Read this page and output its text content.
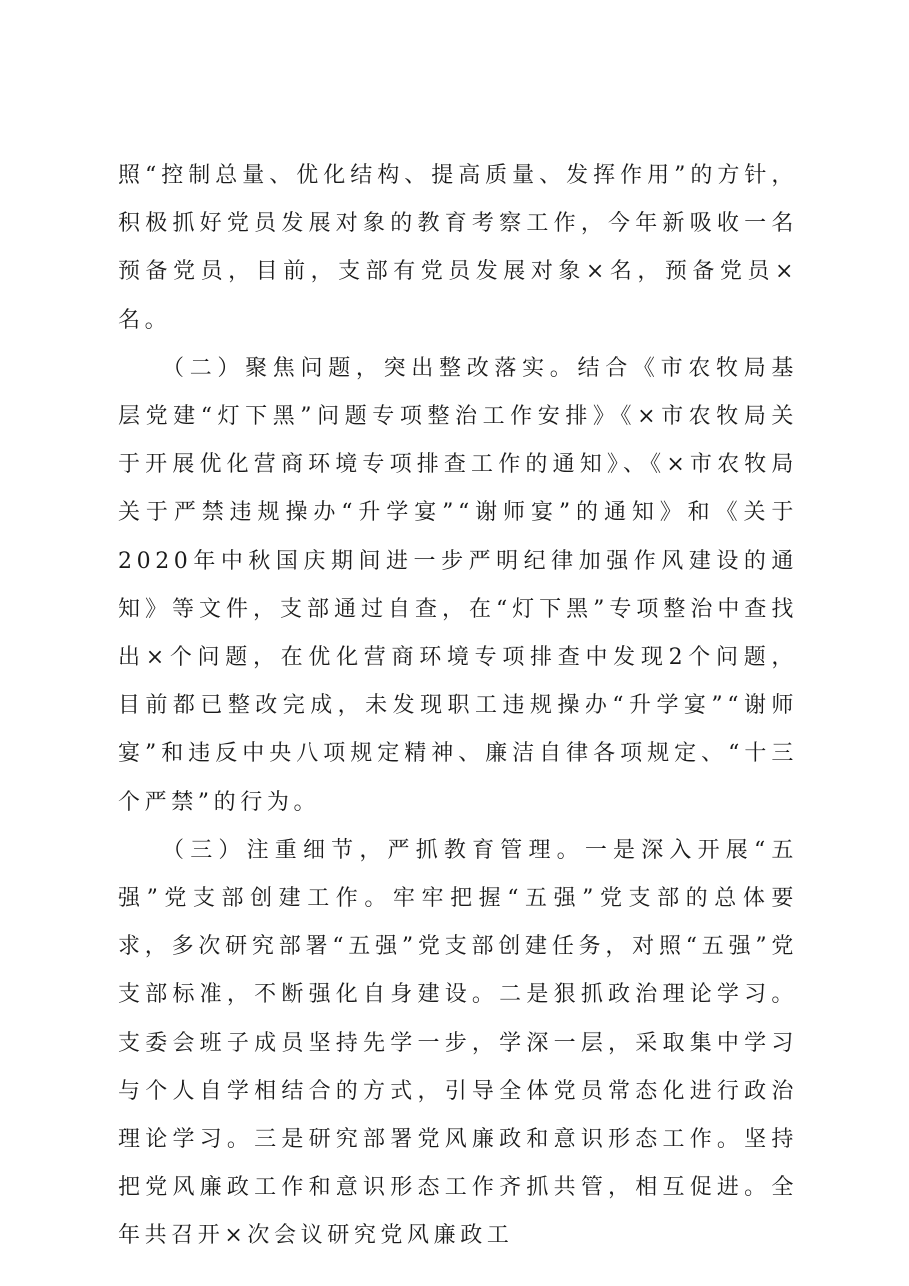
照“控制总量、优化结构、提高质量、发挥作用”的方针，积极抓好党员发展对象的教育考察工作，今年新吸收一名预备党员，目前，支部有党员发展对象×名，预备党员×名。

（二）聚焦问题，突出整改落实。结合《市农牧局基层党建“灯下黑”问题专项整治工作安排》《×市农牧局关于开展优化营商环境专项排查工作的通知》、《×市农牧局关于严禁违规操办“升学宴”“谢师宴”的通知》和《关于2020年中秋国庆期间进一步严明纪律加强作风建设的通知》等文件，支部通过自查，在“灯下黑”专项整治中查找出×个问题，在优化营商环境专项排查中发现2个问题，目前都已整改完成，未发现职工违规操办“升学宴”“谢师宴”和违反中央八项规定精神、廉洁自律各项规定、“十三个严禁”的行为。

（三）注重细节，严抓教育管理。一是深入开展“五强”党支部创建工作。牢牢把握“五强”党支部的总体要求，多次研究部署“五强”党支部创建任务，对照“五强”党支部标准，不断强化自身建设。二是狠抓政治理论学习。支委会班子成员坚持先学一步，学深一层，采取集中学习与个人自学相结合的方式，引导全体党员常态化进行政治理论学习。三是研究部署党风廉政和意识形态工作。坚持把党风廉政工作和意识形态工作齐抓共管，相互促进。全年共召开×次会议研究党风廉政工
